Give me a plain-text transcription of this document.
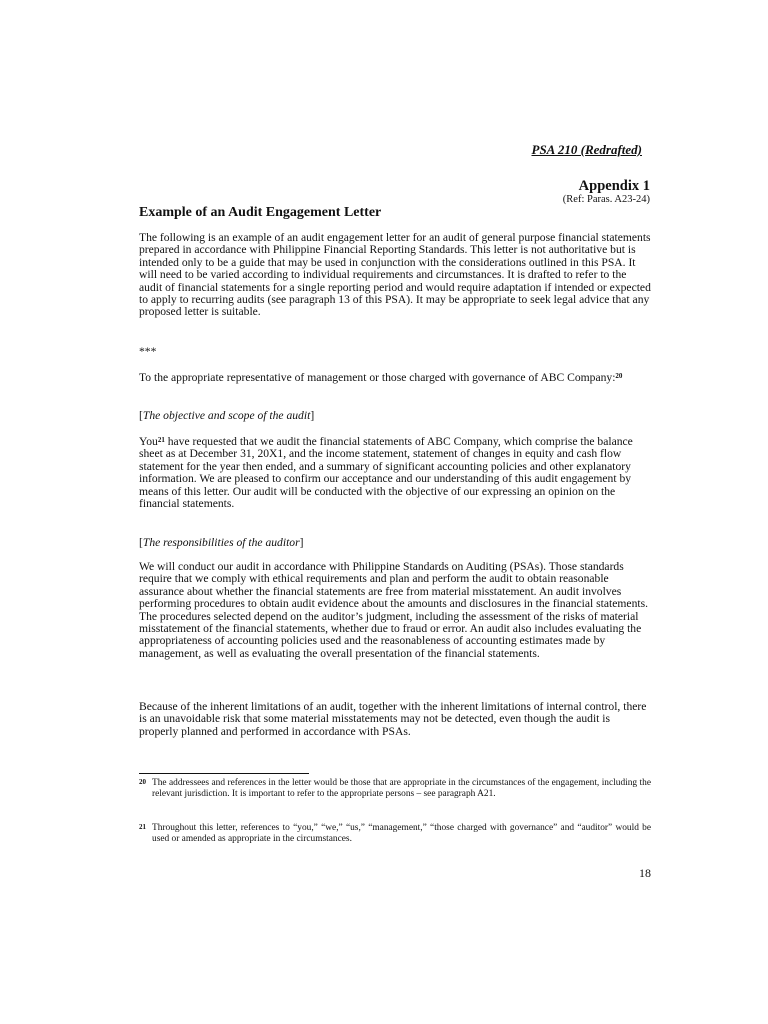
PSA 210 (Redrafted)
Appendix 1
(Ref: Paras. A23-24)
Example of an Audit Engagement Letter

The following is an example of an audit engagement letter for an audit of general purpose financial statements prepared in accordance with Philippine Financial Reporting Standards. This letter is not authoritative but is intended only to be a guide that may be used in conjunction with the considerations outlined in this PSA. It will need to be varied according to individual requirements and circumstances. It is drafted to refer to the audit of financial statements for a single reporting period and would require adaptation if intended or expected to apply to recurring audits (see paragraph 13 of this PSA). It may be appropriate to seek legal advice that any proposed letter is suitable.

***

To the appropriate representative of management or those charged with governance of ABC Company:$^{20}$

[The objective and scope of the audit]

You$^{21}$ have requested that we audit the financial statements of ABC Company, which comprise the balance sheet as at December 31, 20X1, and the income statement, statement of changes in equity and cash flow statement for the year then ended, and a summary of significant accounting policies and other explanatory information. We are pleased to confirm our acceptance and our understanding of this audit engagement by means of this letter. Our audit will be conducted with the objective of our expressing an opinion on the financial statements.

[The responsibilities of the auditor]

We will conduct our audit in accordance with Philippine Standards on Auditing (PSAs). Those standards require that we comply with ethical requirements and plan and perform the audit to obtain reasonable assurance about whether the financial statements are free from material misstatement. An audit involves performing procedures to obtain audit evidence about the amounts and disclosures in the financial statements. The procedures selected depend on the auditor’s judgment, including the assessment of the risks of material misstatement of the financial statements, whether due to fraud or error. An audit also includes evaluating the appropriateness of accounting policies used and the reasonableness of accounting estimates made by management, as well as evaluating the overall presentation of the financial statements.

Because of the inherent limitations of an audit, together with the inherent limitations of internal control, there is an unavoidable risk that some material misstatements may not be detected, even though the audit is properly planned and performed in accordance with PSAs.

$^{20}$ The addressees and references in the letter would be those that are appropriate in the circumstances of the engagement, including the relevant jurisdiction. It is important to refer to the appropriate persons – see paragraph A21.
$^{21}$ Throughout this letter, references to “you,” “we,” “us,” “management,” “those charged with governance” and “auditor” would be used or amended as appropriate in the circumstances.
18
